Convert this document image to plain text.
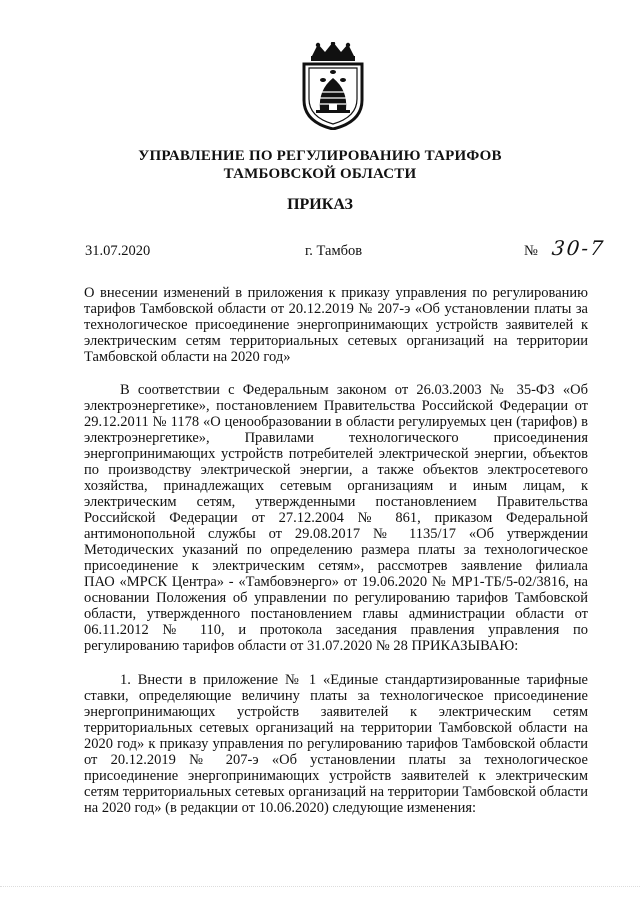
УПРАВЛЕНИЕ ПО РЕГУЛИРОВАНИЮ ТАРИФОВ
ТАМБОВСКОЙ ОБЛАСТИ
ПРИКАЗ
31.07.2020	г. Тамбов	№ 30-7
О внесении изменений в приложения к приказу управления по регулированию
тарифов Тамбовской области от 20.12.2019 № 207-э «Об установлении платы за
технологическое присоединение энергопринимающих устройств заявителей к
электрическим сетям территориальных сетевых организаций на территории
Тамбовской области на 2020 год»
В соответствии с Федеральным законом от 26.03.2003 № 35-ФЗ «Об
электроэнергетике», постановлением Правительства Российской Федерации от
29.12.2011 № 1178 «О ценообразовании в области регулируемых цен (тарифов) в
электроэнергетике», Правилами технологического присоединения
энергопринимающих устройств потребителей электрической энергии, объектов
по производству электрической энергии, а также объектов электросетевого
хозяйства, принадлежащих сетевым организациям и иным лицам, к
электрическим сетям, утвержденными постановлением Правительства
Российской Федерации от 27.12.2004 № 861, приказом Федеральной
антимонопольной службы от 29.08.2017 № 1135/17 «Об утверждении
Методических указаний по определению размера платы за технологическое
присоединение к электрическим сетям», рассмотрев заявление филиала
ПАО «МРСК Центра» - «Тамбовэнерго» от 19.06.2020 № МР1-ТБ/5-02/3816, на
основании Положения об управлении по регулированию тарифов Тамбовской
области, утвержденного постановлением главы администрации области от
06.11.2012 № 110, и протокола заседания правления управления по
регулированию тарифов области от 31.07.2020 № 28 ПРИКАЗЫВАЮ:
1. Внести в приложение № 1 «Единые стандартизированные тарифные
ставки, определяющие величину платы за технологическое присоединение
энергопринимающих устройств заявителей к электрическим сетям
территориальных сетевых организаций на территории Тамбовской области на
2020 год» к приказу управления по регулированию тарифов Тамбовской области
от 20.12.2019 № 207-э «Об установлении платы за технологическое
присоединение энергопринимающих устройств заявителей к электрическим
сетям территориальных сетевых организаций на территории Тамбовской области
на 2020 год» (в редакции от 10.06.2020) следующие изменения:
